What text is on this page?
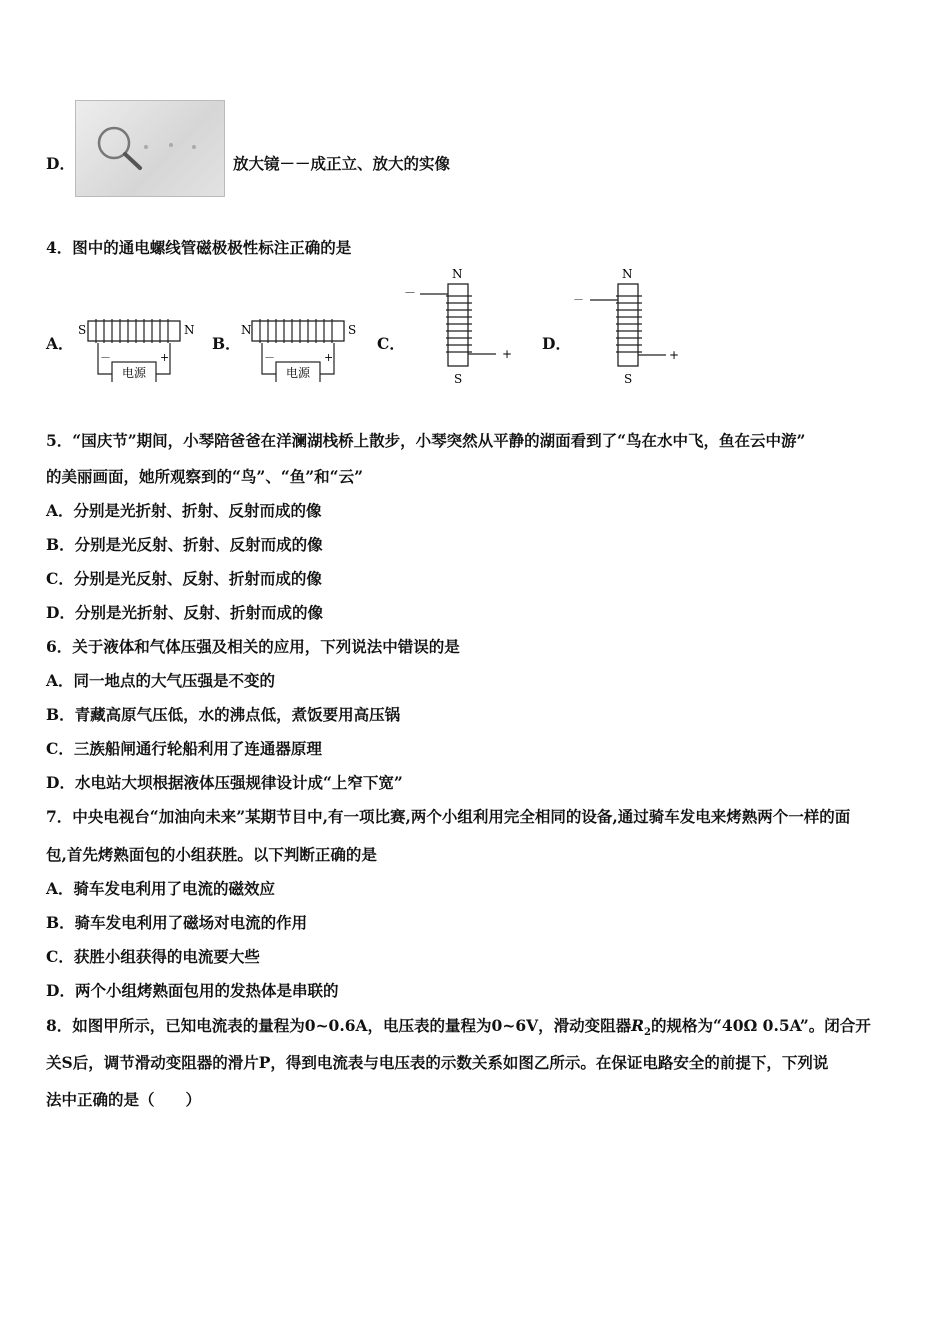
D．	放大镜－－成正立、放大的实像
4．图中的通电螺线管磁极极性标注正确的是
A．
S	N
电源
－	+
B．
N	S
电源
－	+
C．
N
S
－
+
D．
N
S
－
+
5．“国庆节”期间，小琴陪爸爸在洋澜湖栈桥上散步，小琴突然从平静的湖面看到了“鸟在水中飞，鱼在云中游”
的美丽画面，她所观察到的“鸟”、“鱼”和“云”
A．分别是光折射、折射、反射而成的像
B．分别是光反射、折射、反射而成的像
C．分别是光反射、反射、折射而成的像
D．分别是光折射、反射、折射而成的像
6．关于液体和气体压强及相关的应用，下列说法中错误的是
A．同一地点的大气压强是不变的
B．青藏高原气压低，水的沸点低，煮饭要用高压锅
C．三族船闸通行轮船利用了连通器原理
D．水电站大坝根据液体压强规律设计成“上窄下宽”
7．中央电视台“加油向未来”某期节目中,有一项比赛,两个小组利用完全相同的设备,通过骑车发电来烤熟两个一样的面
包,首先烤熟面包的小组获胜。以下判断正确的是
A．骑车发电利用了电流的磁效应
B．骑车发电利用了磁场对电流的作用
C．获胜小组获得的电流要大些
D．两个小组烤熟面包用的发热体是串联的
8．如图甲所示，已知电流表的量程为0~0.6A，电压表的量程为0~6V，滑动变阻器$R_2$的规格为“40Ω 0.5A”。闭合开
关S后，调节滑动变阻器的滑片P，得到电流表与电压表的示数关系如图乙所示。在保证电路安全的前提下，下列说
法中正确的是（　　）
